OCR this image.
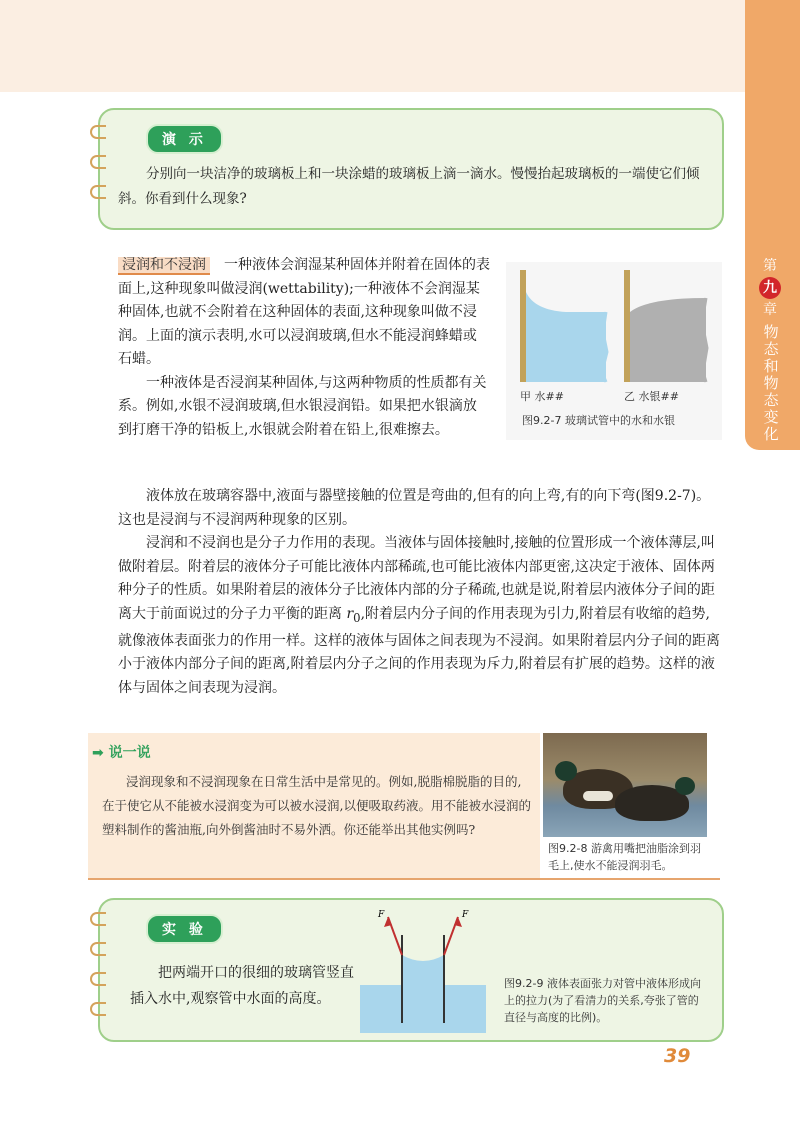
第
九
章
物态和物态变化
演 示

分别向一块洁净的玻璃板上和一块涂蜡的玻璃板上滴一滴水。慢慢抬起玻璃板的一端使它们倾斜。你看到什么现象?

浸润和不浸润　 一种液体会润湿某种固体并附着在固体的表面上,这种现象叫做浸润(wettability);一种液体不会润湿某种固体,也就不会附着在这种固体的表面,这种现象叫做不浸润。上面的演示表明,水可以浸润玻璃,但水不能浸润蜂蜡或石蜡。

一种液体是否浸润某种固体,与这两种物质的性质都有关系。例如,水银不浸润玻璃,但水银浸润铅。如果把水银滴放到打磨干净的铅板上,水银就会附着在铅上,很难擦去。

液体放在玻璃容器中,液面与器壁接触的位置是弯曲的,但有的向上弯,有的向下弯(图9.2-7)。这也是浸润与不浸润两种现象的区别。

浸润和不浸润也是分子力作用的表现。当液体与固体接触时,接触的位置形成一个液体薄层,叫做附着层。附着层的液体分子可能比液体内部稀疏,也可能比液体内部更密,这决定于液体、固体两种分子的性质。如果附着层的液体分子比液体内部的分子稀疏,也就是说,附着层内液体分子间的距离大于前面说过的分子力平衡的距离 $r_0$,附着层内分子间的作用表现为引力,附着层有收缩的趋势,就像液体表面张力的作用一样。这样的液体与固体之间表现为不浸润。如果附着层内分子间的距离小于液体内部分子间的距离,附着层内分子之间的作用表现为斥力,附着层有扩展的趋势。这样的液体与固体之间表现为浸润。

甲 水##	乙 水银##
图9.2-7 玻璃试管中的水和水银
➡ 说一说

浸润现象和不浸润现象在日常生活中是常见的。例如,脱脂棉脱脂的目的,在于使它从不能被水浸润变为可以被水浸润,以便吸取药液。用不能被水浸润的塑料制作的酱油瓶,向外倒酱油时不易外洒。你还能举出其他实例吗?

图9.2-8 游禽用嘴把油脂涂到羽毛上,使水不能浸润羽毛。
实 验

把两端开口的很细的玻璃管竖直插入水中,观察管中水面的高度。

F	F
图9.2-9 液体表面张力对管中液体形成向上的拉力(为了看清力的关系,夸张了管的直径与高度的比例)。
39
